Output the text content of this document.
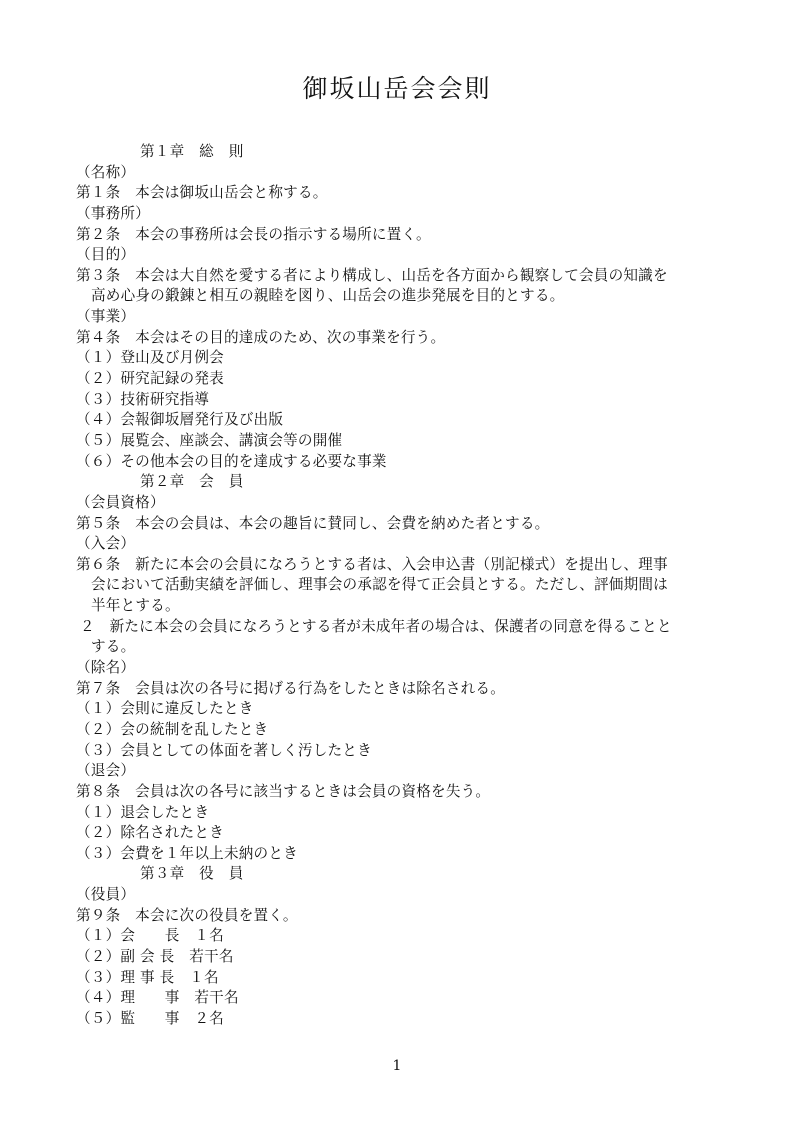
御坂山岳会会則
第１章　総　則
（名称）
第１条　本会は御坂山岳会と称する。
（事務所）
第２条　本会の事務所は会長の指示する場所に置く。
（目的）
第３条　本会は大自然を愛する者により構成し、山岳を各方面から観察して会員の知識を
高め心身の鍛錬と相互の親睦を図り、山岳会の進歩発展を目的とする。
（事業）
第４条　本会はその目的達成のため、次の事業を行う。
（１）登山及び月例会
（２）研究記録の発表
（３）技術研究指導
（４）会報御坂層発行及び出版
（５）展覧会、座談会、講演会等の開催
（６）その他本会の目的を達成する必要な事業
第２章　会　員
（会員資格）
第５条　本会の会員は、本会の趣旨に賛同し、会費を納めた者とする。
（入会）
第６条　新たに本会の会員になろうとする者は、入会申込書（別記様式）を提出し、理事
会において活動実績を評価し、理事会の承認を得て正会員とする。ただし、評価期間は
半年とする。
２　新たに本会の会員になろうとする者が未成年者の場合は、保護者の同意を得ることと
する。
（除名）
第７条　会員は次の各号に掲げる行為をしたときは除名される。
（１）会則に違反したとき
（２）会の統制を乱したとき
（３）会員としての体面を著しく汚したとき
（退会）
第８条　会員は次の各号に該当するときは会員の資格を失う。
（１）退会したとき
（２）除名されたとき
（３）会費を１年以上未納のとき
第３章　役　員
（役員）
第９条　本会に次の役員を置く。
（１）会　　長　１名
（２）副 会 長　若干名
（３）理 事 長　１名
（４）理　　事　若干名
（５）監　　事　２名
1
